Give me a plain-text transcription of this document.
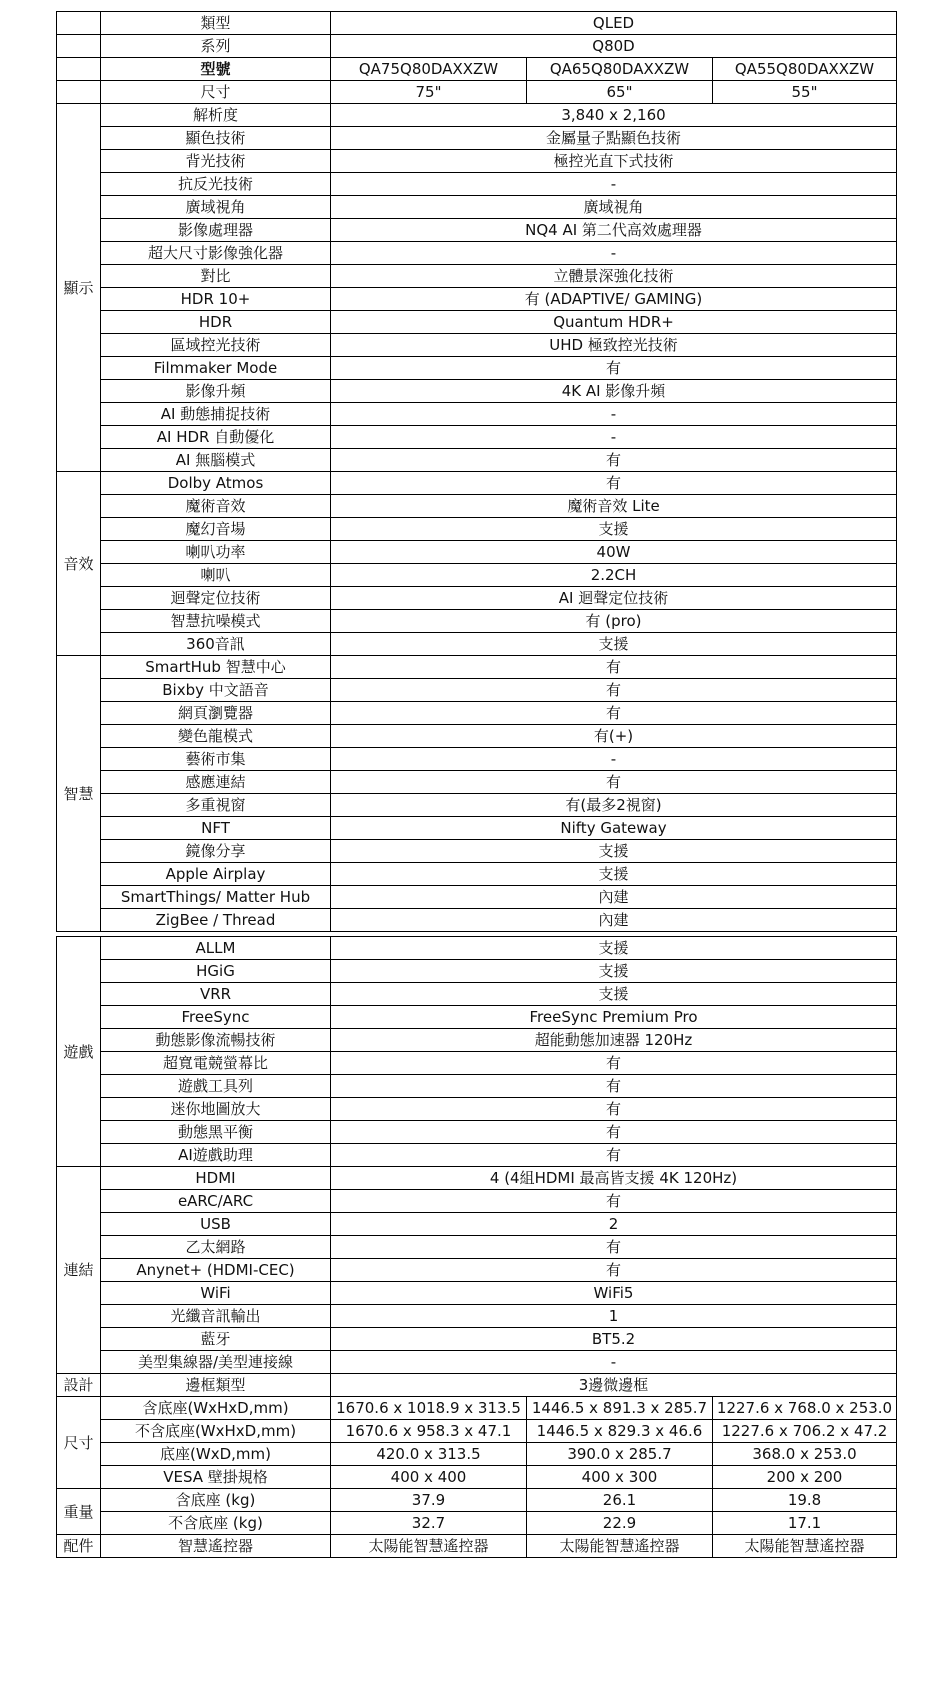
	類型	QLED		
	系列	Q80D		
	型號	QA75Q80DAXXZW	QA65Q80DAXXZW	QA55Q80DAXXZW
	尺寸	75"	65"	55"
顯示	解析度	3,840 x 2,160		
	顯色技術	金屬量子點顯色技術		
	背光技術	極控光直下式技術		
	抗反光技術	-		
	廣域視角	廣域視角		
	影像處理器	NQ4 AI 第二代高效處理器		
	超大尺寸影像強化器	-		
	對比	立體景深強化技術		
	HDR 10+	有 (ADAPTIVE/ GAMING)		
	HDR	Quantum HDR+		
	區域控光技術	UHD 極致控光技術		
	Filmmaker Mode	有		
	影像升頻	4K AI 影像升頻		
	AI 動態捕捉技術	-		
	AI HDR 自動優化	-		
	AI 無腦模式	有		
音效	Dolby Atmos	有		
	魔術音效	魔術音效 Lite		
	魔幻音場	支援		
	喇叭功率	40W		
	喇叭	2.2CH		
	迴聲定位技術	AI 迴聲定位技術		
	智慧抗噪模式	有 (pro)		
	360音訊	支援		
智慧	SmartHub 智慧中心	有		
	Bixby 中文語音	有		
	網頁瀏覽器	有		
	變色龍模式	有(+)		
	藝術市集	-		
	感應連結	有		
	多重視窗	有(最多2視窗)		
	NFT	Nifty Gateway		
	鏡像分享	支援		
	Apple Airplay	支援		
	SmartThings/ Matter Hub	內建		
	ZigBee / Thread	內建		

遊戲	ALLM	支援		
	HGiG	支援		
	VRR	支援		
	FreeSync	FreeSync Premium Pro		
	動態影像流暢技術	超能動態加速器 120Hz		
	超寬電競螢幕比	有		
	遊戲工具列	有		
	迷你地圖放大	有		
	動態黑平衡	有		
	AI遊戲助理	有		
連結	HDMI	4 (4組HDMI 最高皆支援 4K 120Hz)		
	eARC/ARC	有		
	USB	2		
	乙太網路	有		
	Anynet+ (HDMI-CEC)	有		
	WiFi	WiFi5		
	光纖音訊輸出	1		
	藍牙	BT5.2		
	美型集線器/美型連接線	-		
設計	邊框類型	3邊微邊框		
尺寸	含底座(WxHxD,mm)	1670.6 x 1018.9 x 313.5	1446.5 x 891.3 x 285.7	1227.6 x 768.0 x 253.0
	不含底座(WxHxD,mm)	1670.6 x 958.3 x 47.1	1446.5 x 829.3 x 46.6	1227.6 x 706.2 x 47.2
	底座(WxD,mm)	420.0 x 313.5	390.0 x 285.7	368.0 x 253.0
	VESA 壁掛規格	400 x 400	400 x 300	200 x 200
重量	含底座 (kg)	37.9	26.1	19.8
	不含底座 (kg)	32.7	22.9	17.1
配件	智慧遙控器	太陽能智慧遙控器	太陽能智慧遙控器	太陽能智慧遙控器
